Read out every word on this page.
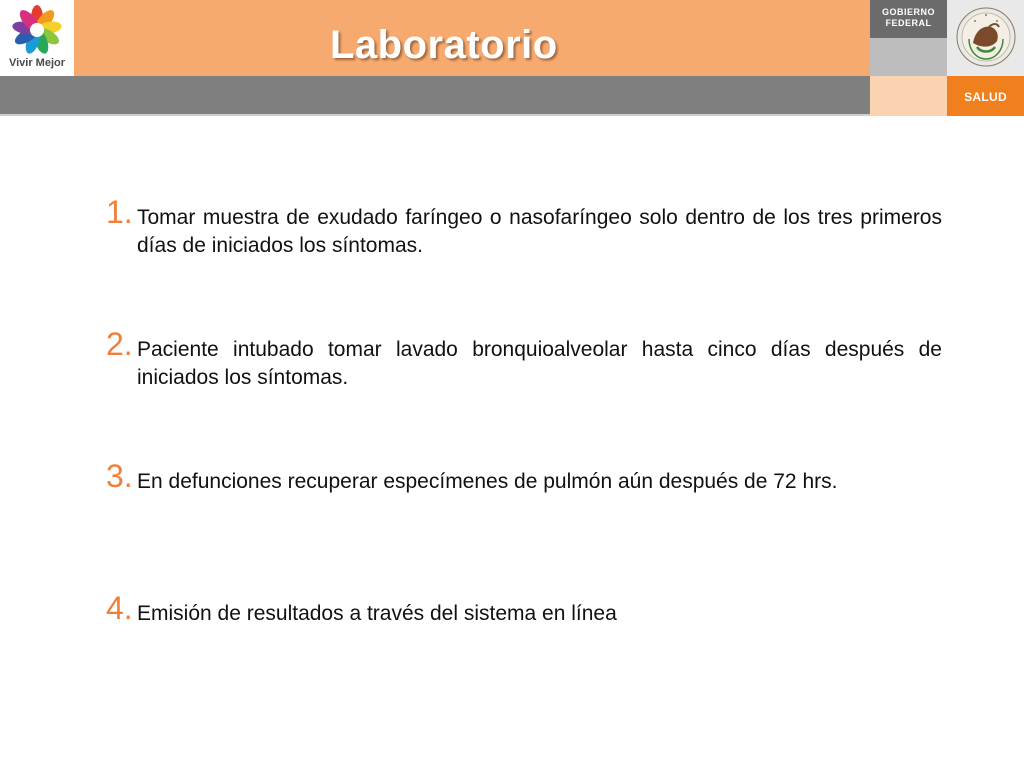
Vivir Mejor	Laboratorio
GOBIERNO
FEDERAL
SALUD
1. Tomar muestra de exudado faríngeo o nasofaríngeo solo dentro de los tres primeros días de iniciados los síntomas.
2. Paciente intubado tomar lavado bronquioalveolar hasta cinco días después de iniciados los síntomas.
3. En defunciones recuperar especímenes de pulmón aún después de 72 hrs.
4. Emisión de resultados a través del sistema en línea
